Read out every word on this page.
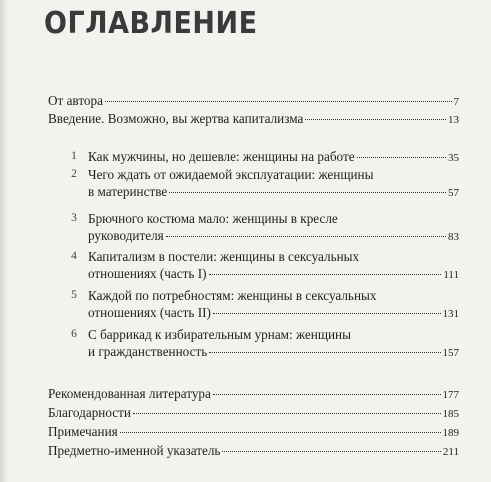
ОГЛАВЛЕНИЕ
От автора	7
Введение. Возможно, вы жертва капитализма	13
1 Как мужчины, но дешевле: женщины на работе	35
2 Чего ждать от ожидаемой эксплуатации: женщины
в материнстве	57
3 Брючного костюма мало: женщины в кресле
руководителя	83
4 Капитализм в постели: женщины в сексуальных
отношениях (часть I)	111
5 Каждой по потребностям: женщины в сексуальных
отношениях (часть II)	131
6 С баррикад к избирательным урнам: женщины
и гражданственность	157
Рекомендованная литература	177
Благодарности	185
Примечания	189
Предметно-именной указатель	211
